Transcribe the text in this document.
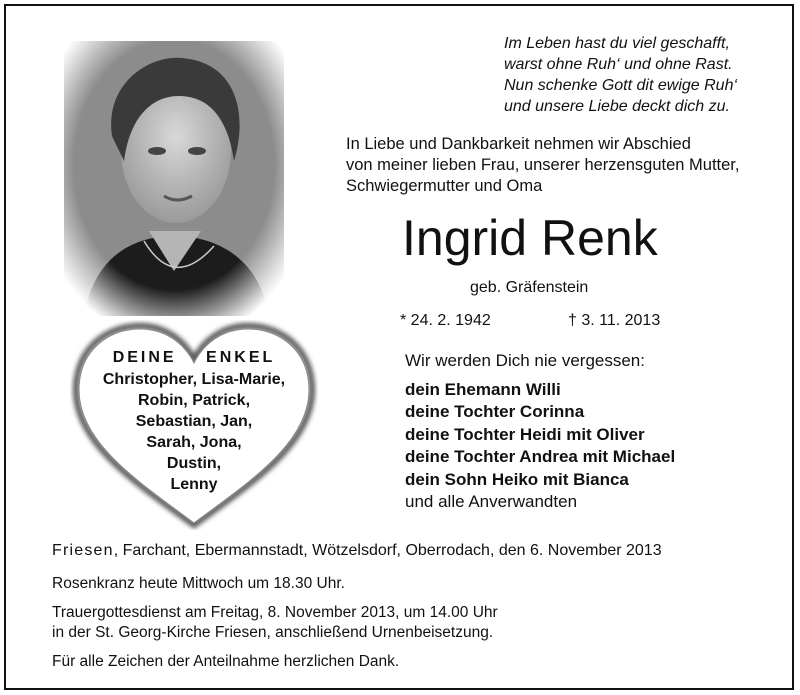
Im Leben hast du viel geschafft,
warst ohne Ruh‘ und ohne Rast.
Nun schenke Gott dit ewige Ruh‘
und unsere Liebe deckt dich zu.
In Liebe und Dankbarkeit nehmen wir Abschied
von meiner lieben Frau, unserer herzensguten Mutter,
Schwiegermutter und Oma
Ingrid Renk
geb. Gräfenstein
* 24. 2. 1942	† 3. 11. 2013
Wir werden Dich nie vergessen:
dein Ehemann Willi
deine Tochter Corinna
deine Tochter Heidi mit Oliver
deine Tochter Andrea mit Michael
dein Sohn Heiko mit Bianca
und alle Anverwandten
DEINE ENKEL
Christopher, Lisa-Marie,
Robin, Patrick,
Sebastian, Jan,
Sarah, Jona,
Dustin,
Lenny
Friesen, Farchant, Ebermannstadt, Wötzelsdorf, Oberrodach, den 6. November 2013
Rosenkranz heute Mittwoch um 18.30 Uhr.
Trauergottesdienst am Freitag, 8. November 2013, um 14.00 Uhr
in der St. Georg-Kirche Friesen, anschließend Urnenbeisetzung.
Für alle Zeichen der Anteilnahme herzlichen Dank.
